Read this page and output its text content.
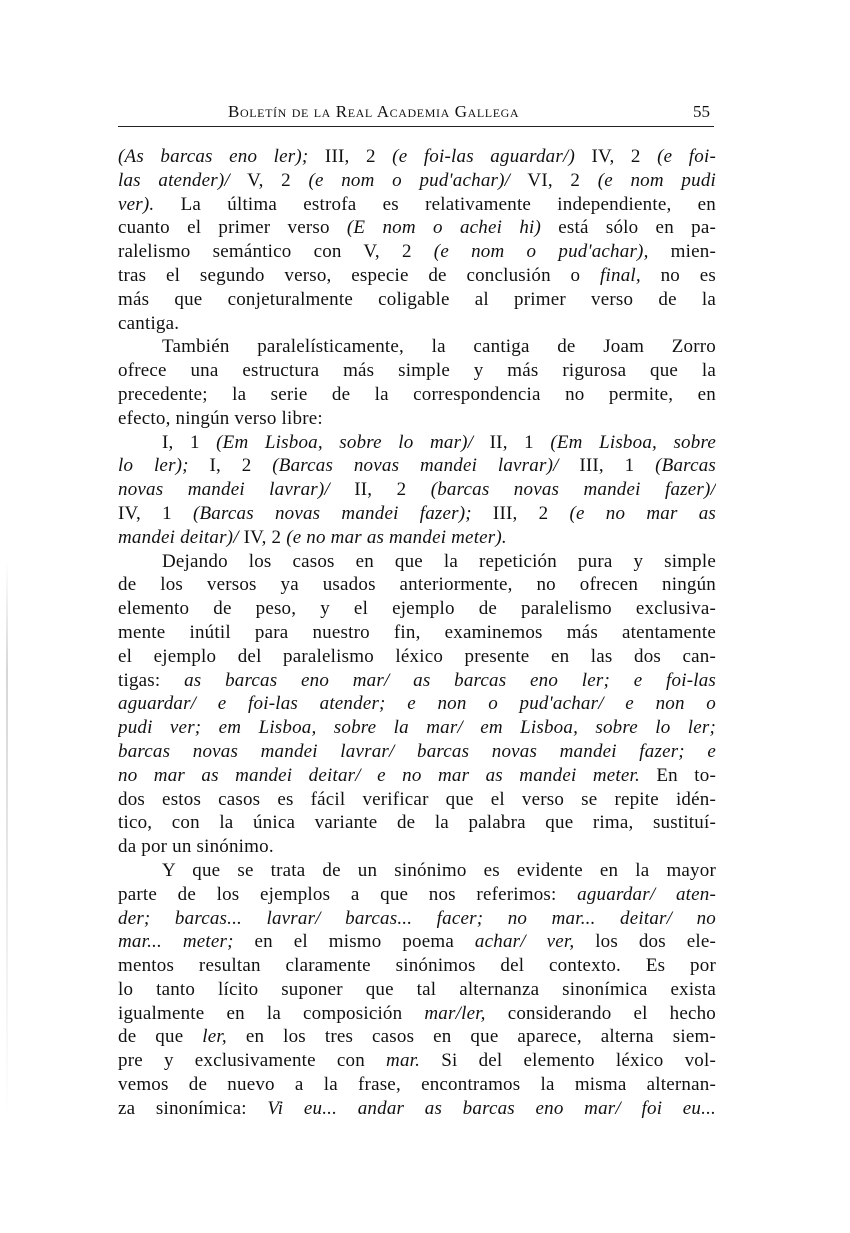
Boletín de la Real Academia Gallega	55
(As barcas eno ler); III, 2 (e foi-las aguardar/) IV, 2 (e foi-
las atender)/ V, 2 (e nom o pud'achar)/ VI, 2 (e nom pudi
ver). La última estrofa es relativamente independiente, en
cuanto el primer verso (E nom o achei hi) está sólo en pa-
ralelismo semántico con V, 2 (e nom o pud'achar), mien-
tras el segundo verso, especie de conclusión o final, no es
más que conjeturalmente coligable al primer verso de la
cantiga.
También paralelísticamente, la cantiga de Joam Zorro
ofrece una estructura más simple y más rigurosa que la
precedente; la serie de la correspondencia no permite, en
efecto, ningún verso libre:
I, 1 (Em Lisboa, sobre lo mar)/ II, 1 (Em Lisboa, sobre
lo ler); I, 2 (Barcas novas mandei lavrar)/ III, 1 (Barcas
novas mandei lavrar)/ II, 2 (barcas novas mandei fazer)/
IV, 1 (Barcas novas mandei fazer); III, 2 (e no mar as
mandei deitar)/ IV, 2 (e no mar as mandei meter).
Dejando los casos en que la repetición pura y simple
de los versos ya usados anteriormente, no ofrecen ningún
elemento de peso, y el ejemplo de paralelismo exclusiva-
mente inútil para nuestro fin, examinemos más atentamente
el ejemplo del paralelismo léxico presente en las dos can-
tigas: as barcas eno mar/ as barcas eno ler; e foi-las
aguardar/ e foi-las atender; e non o pud'achar/ e non o
pudi ver; em Lisboa, sobre la mar/ em Lisboa, sobre lo ler;
barcas novas mandei lavrar/ barcas novas mandei fazer; e
no mar as mandei deitar/ e no mar as mandei meter. En to-
dos estos casos es fácil verificar que el verso se repite idén-
tico, con la única variante de la palabra que rima, sustituí-
da por un sinónimo.
Y que se trata de un sinónimo es evidente en la mayor
parte de los ejemplos a que nos referimos: aguardar/ aten-
der; barcas... lavrar/ barcas... facer; no mar... deitar/ no
mar... meter; en el mismo poema achar/ ver, los dos ele-
mentos resultan claramente sinónimos del contexto. Es por
lo tanto lícito suponer que tal alternanza sinonímica exista
igualmente en la composición mar/ler, considerando el hecho
de que ler, en los tres casos en que aparece, alterna siem-
pre y exclusivamente con mar. Si del elemento léxico vol-
vemos de nuevo a la frase, encontramos la misma alternan-
za sinonímica: Vi eu... andar as barcas eno mar/ foi eu...
